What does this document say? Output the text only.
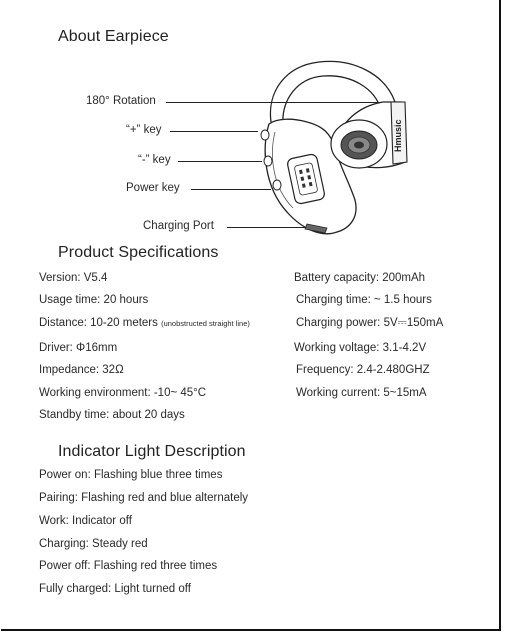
About Earpiece
180° Rotation
“+” key
“-” key
Power key
Charging Port
Hmusic
Product Specifications
Version: V5.4
Usage time: 20 hours
Distance: 10-20 meters (unobstructed straight line)
Driver: Φ16mm
Impedance: 32Ω
Working environment: -10~ 45°C
Standby time: about 20 days
Battery capacity: 200mAh
Charging time: ~ 1.5 hours
Charging power: 5V⎓150mA
Working voltage: 3.1-4.2V
Frequency: 2.4-2.480GHZ
Working current: 5~15mA
Indicator Light Description
Power on: Flashing blue three times
Pairing: Flashing red and blue alternately
Work: Indicator off
Charging: Steady red
Power off: Flashing red three times
Fully charged: Light turned off
